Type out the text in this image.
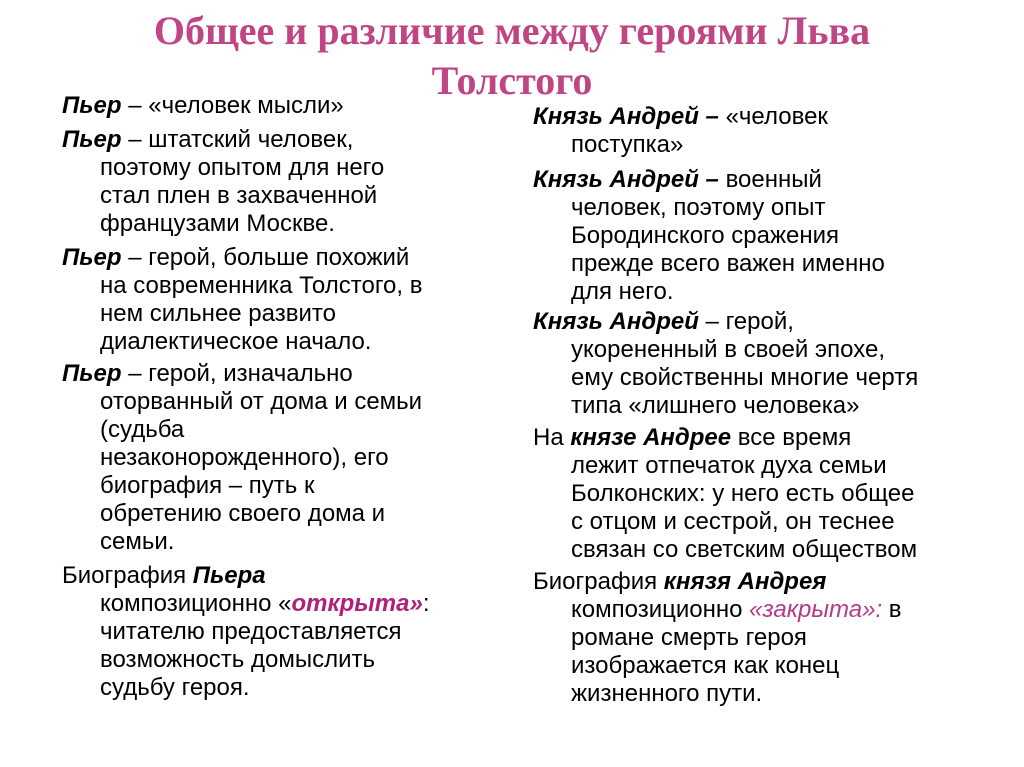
Общее и различие между героями Льва
Толстого
Пьер – «человек мысли»
Пьер – штатский человек,
поэтому опытом для него
стал плен в захваченной
французами Москве.
Пьер – герой, больше похожий
на современника Толстого, в
нем сильнее развито
диалектическое начало.
Пьер – герой, изначально
оторванный от дома и семьи
(судьба
незаконорожденного), его
биография – путь к
обретению своего дома и
семьи.
Биография Пьера
композиционно «открыта»:
читателю предоставляется
возможность домыслить
судьбу героя.
Князь Андрей – «человек
поступка»
Князь Андрей – военный
человек, поэтому опыт
Бородинского сражения
прежде всего важен именно
для него.
Князь Андрей – герой,
укорененный в своей эпохе,
ему свойственны многие чертя
типа «лишнего человека»
На князе Андрее все время
лежит отпечаток духа семьи
Болконских: у него есть общее
с отцом и сестрой, он теснее
связан со светским обществом
Биография князя Андрея
композиционно «закрыта»: в
романе смерть героя
изображается как конец
жизненного пути.
